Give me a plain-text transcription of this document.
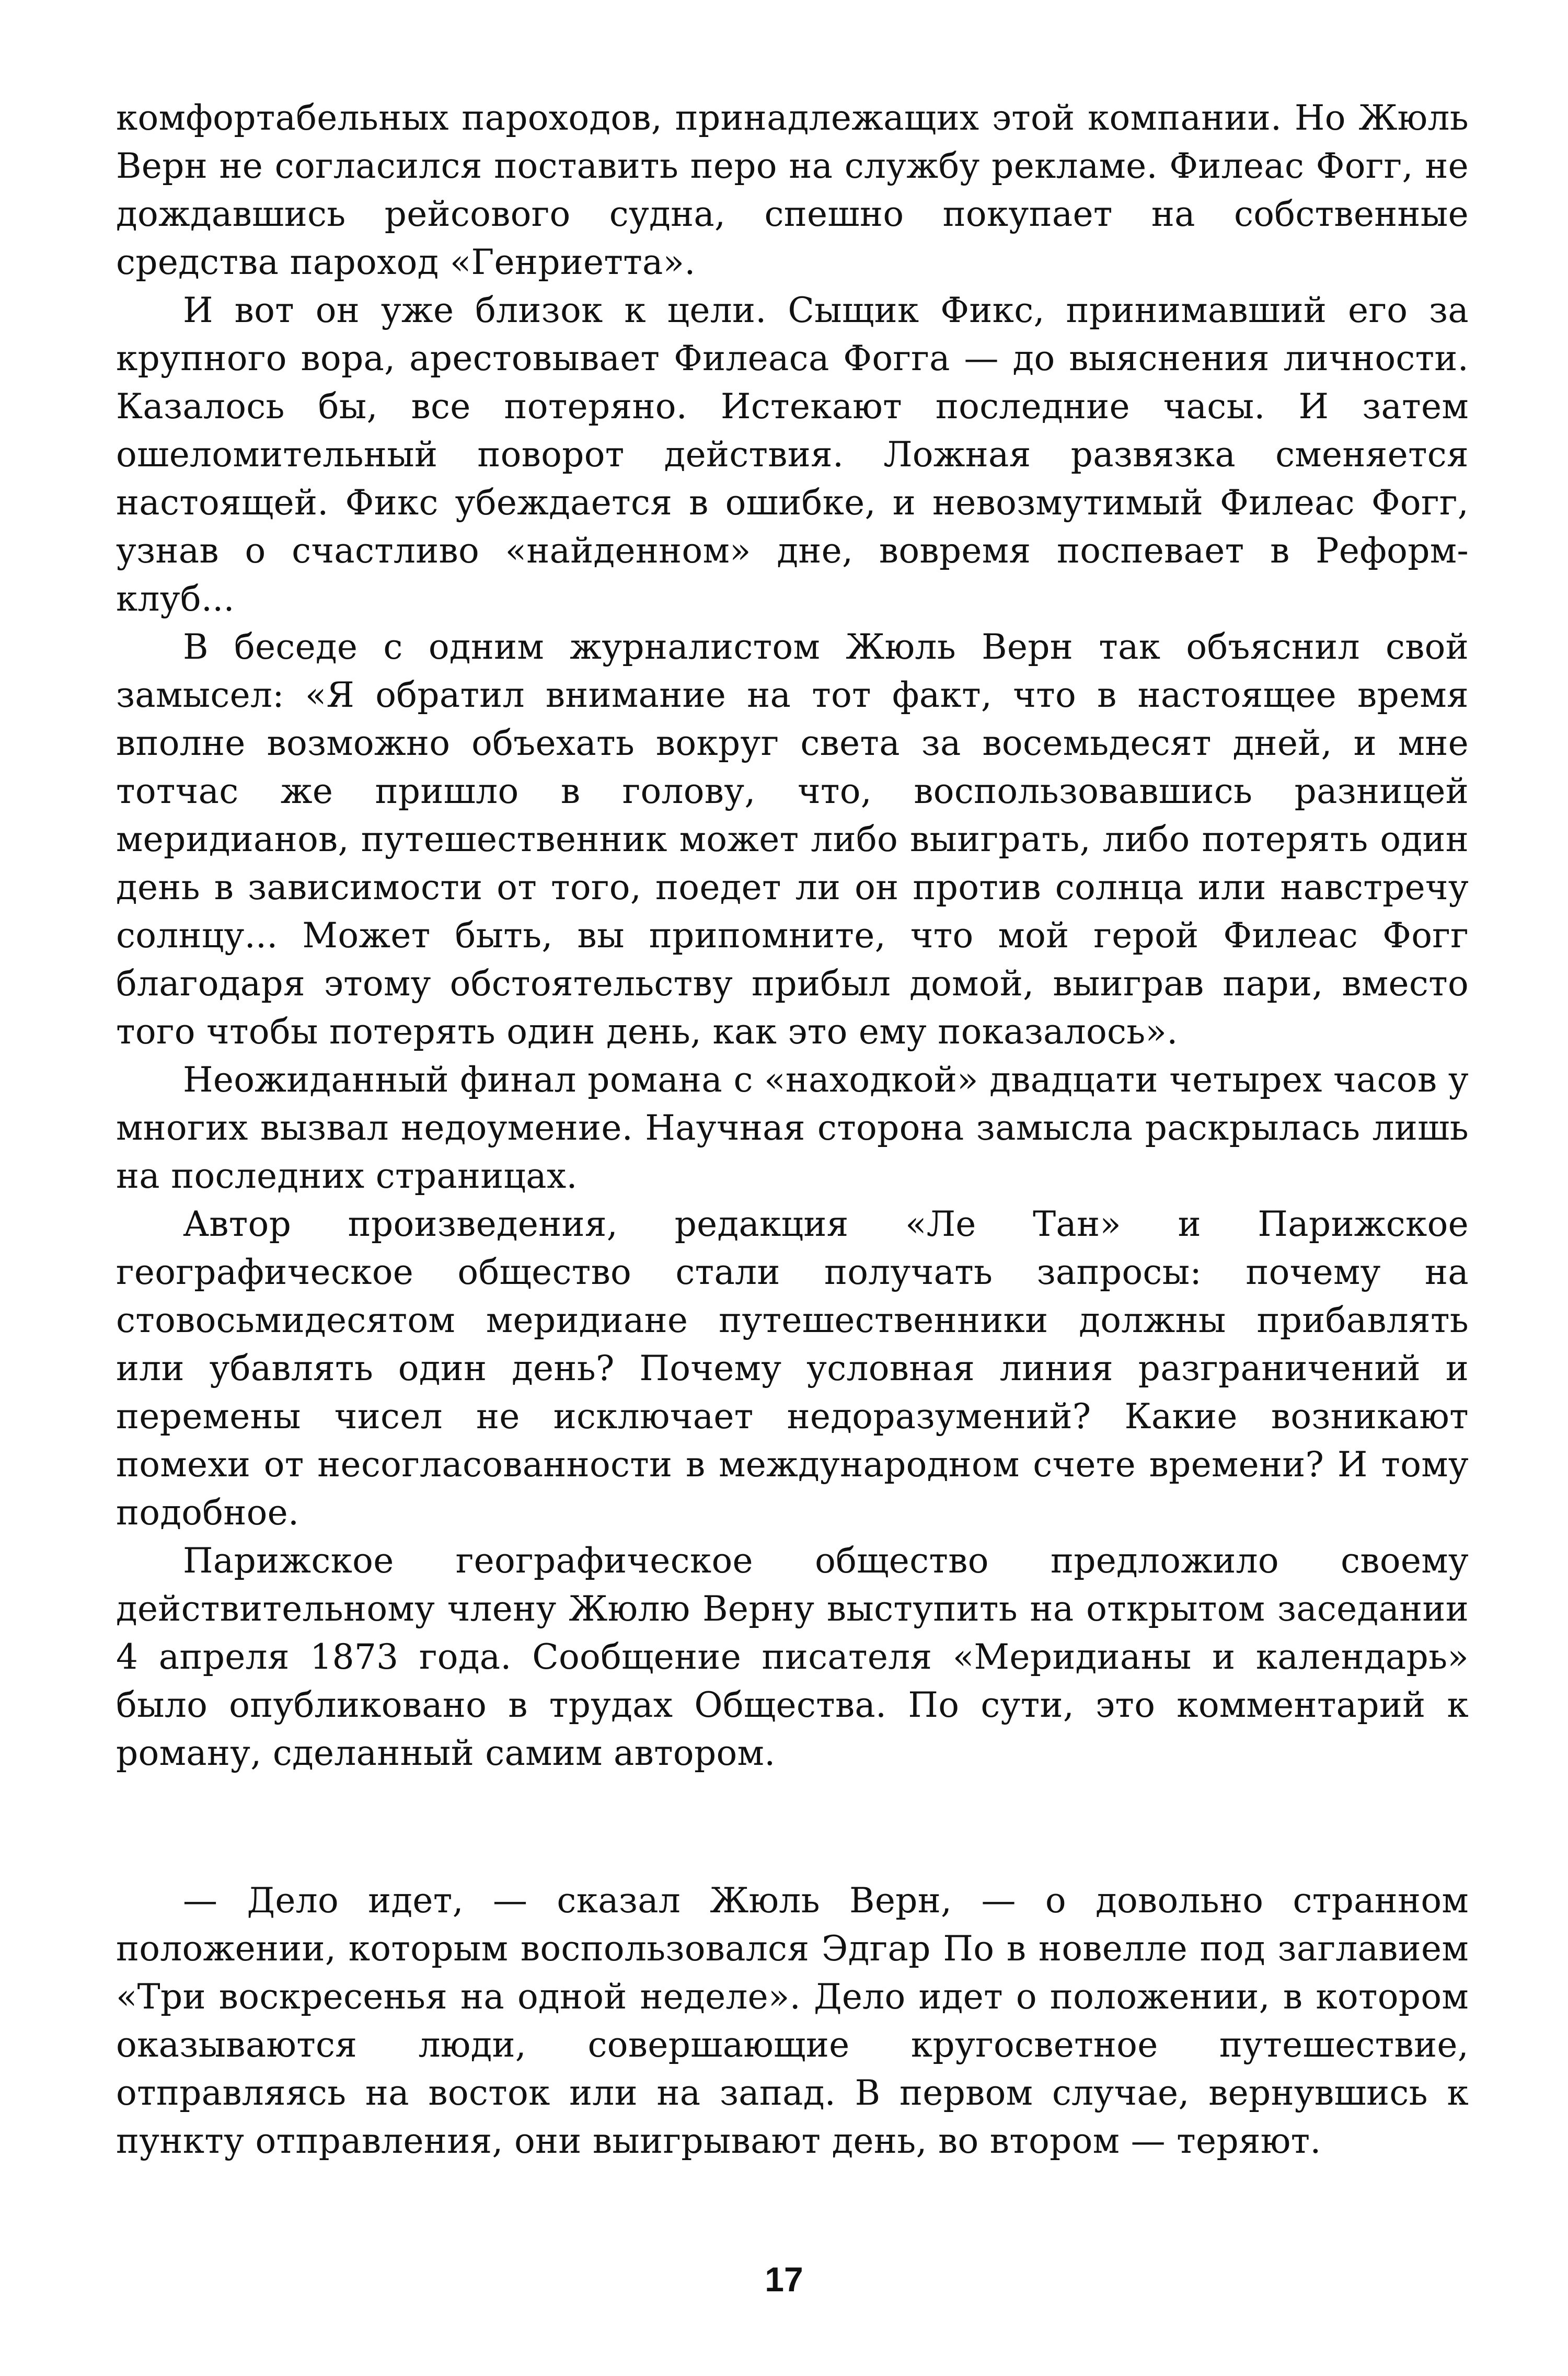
комфортабельных пароходов, принадлежащих этой компании. Но Жюль Верн не согласился поставить перо на службу рекламе. Филеас Фогг, не дождавшись рейсового судна, спешно покупает на собственные средства пароход «Генриетта».

И вот он уже близок к цели. Сыщик Фикс, принимавший его за крупного вора, арестовывает Филеаса Фогга — до выяснения личности. Казалось бы, все потеряно. Истекают последние часы. И затем ошеломительный поворот действия. Ложная развязка сменяется настоящей. Фикс убеждается в ошибке, и невозмутимый Филеас Фогг, узнав о счастливо «найденном» дне, вовремя поспевает в Реформ-клуб...

В беседе с одним журналистом Жюль Верн так объяснил свой замысел: «Я обратил внимание на тот факт, что в настоящее время вполне возможно объехать вокруг света за восемьдесят дней, и мне тотчас же пришло в голову, что, воспользовавшись разницей меридианов, путешественник может либо выиграть, либо потерять один день в зависимости от того, поедет ли он против солнца или навстречу солнцу... Может быть, вы припомните, что мой герой Филеас Фогг благодаря этому обстоятельству прибыл домой, выиграв пари, вместо того чтобы потерять один день, как это ему показалось».

Неожиданный финал романа с «находкой» двадцати четырех часов у многих вызвал недоумение. Научная сторона замысла раскрылась лишь на последних страницах.

Автор произведения, редакция «Ле Тан» и Парижское географическое общество стали получать запросы: почему на стовосьмидесятом меридиане путешественники должны прибавлять или убавлять один день? Почему условная линия разграничений и перемены чисел не исключает недоразумений? Какие возникают помехи от несогласованности в международном счете времени? И тому подобное.

Парижское географическое общество предложило своему действительному члену Жюлю Верну выступить на открытом заседании 4 апреля 1873 года. Сообщение писателя «Меридианы и календарь» было опубликовано в трудах Общества. По сути, это комментарий к роману, сделанный самим автором.

— Дело идет, — сказал Жюль Верн, — о довольно странном положении, которым воспользовался Эдгар По в новелле под заглавием «Три воскресенья на одной неделе». Дело идет о положении, в котором оказываются люди, совершающие кругосветное путешествие, отправляясь на восток или на запад. В первом случае, вернувшись к пункту отправления, они выигрывают день, во втором — теряют.

17
